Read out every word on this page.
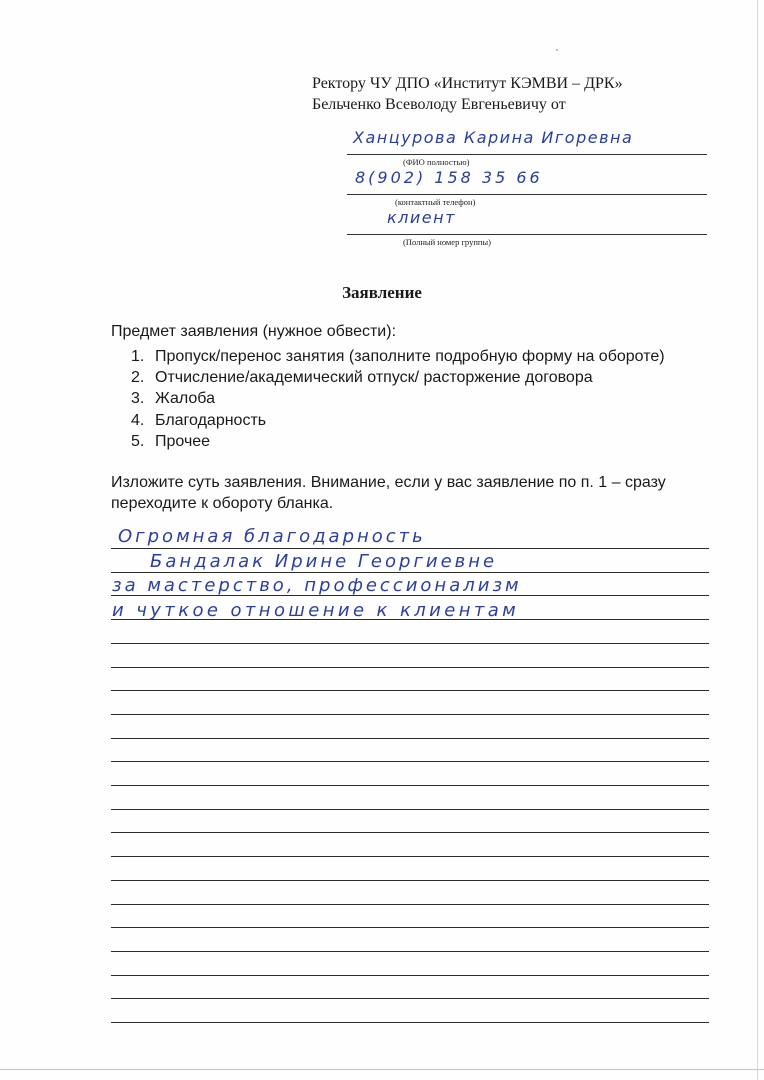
Ректору ЧУ ДПО «Институт КЭМВИ – ДРК»
Бельченко Всеволоду Евгеньевичу от
Ханцурова Карина Игоревна
(ФИО полностью)
8(902) 158 35 66
(контактный телефон)
клиент
(Полный номер группы)
Заявление
Предмет заявления (нужное обвести):
1. Пропуск/перенос занятия (заполните подробную форму на обороте)
2. Отчисление/академический отпуск/ расторжение договора
3. Жалоба
4. Благодарность
5. Прочее
Изложите суть заявления. Внимание, если у вас заявление по п. 1 – сразу переходите к обороту бланка.
Огромная благодарность
Бандалак Ирине Георгиевне
за мастерство, профессионализм
и чуткое отношение к клиентам
